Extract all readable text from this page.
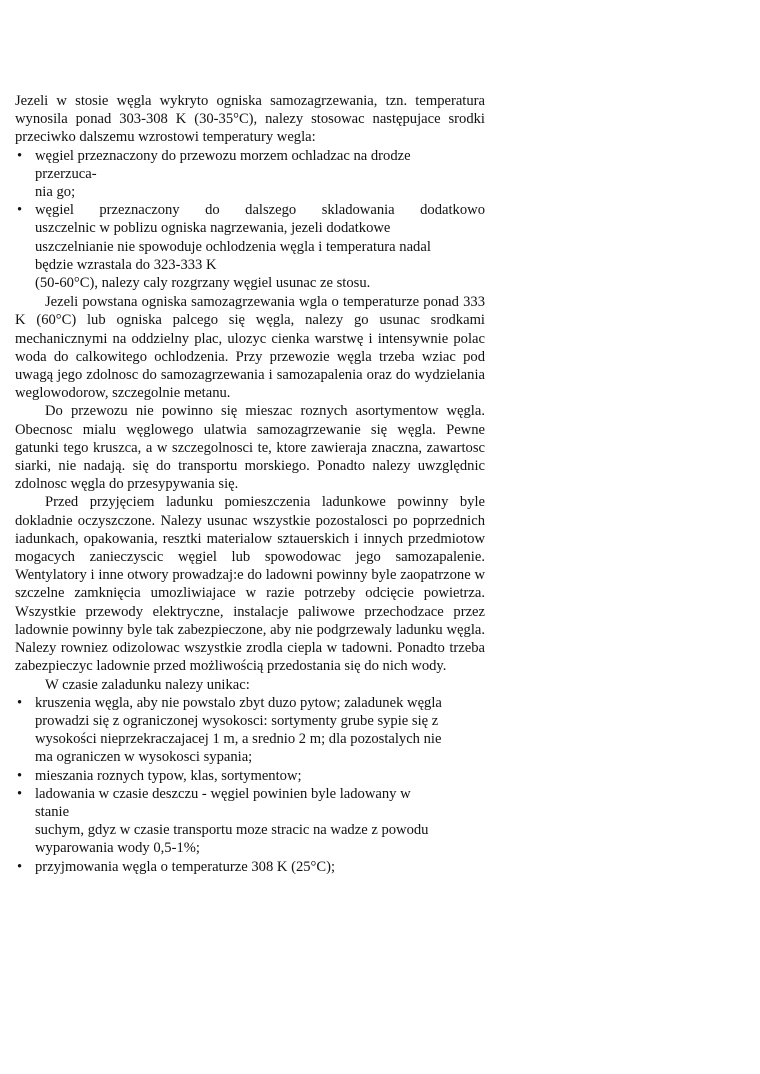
Jezeli w stosie węgla wykryto ogniska samozagrzewania, tzn. temperatura wynosila ponad 303-308 K (30-35°C), nalezy stosowac następujace srodki przeciwko dalszemu wzrostowi temperatury wegla:

• węgiel przeznaczony do przewozu morzem ochladzac na drodze
przerzuca-
nia go;
• węgiel przeznaczony do dalszego skladowania dodatkowo
uszczelnic w poblizu ogniska nagrzewania, jezeli dodatkowe
uszczelnianie nie spowoduje ochlodzenia węgla i temperatura nadal
będzie wzrastala do 323-333 K
(50-60°C), nalezy caly rozgrzany węgiel usunac ze stosu.

Jezeli powstana ogniska samozagrzewania wgla o temperaturze ponad 333 K (60°C) lub ogniska palcego się węgla, nalezy go usunac srodkami mechanicznymi na oddzielny plac, ulozyc cienka warstwę i intensywnie polac woda do calkowitego ochlodzenia. Przy przewozie węgla trzeba wziac pod uwagą jego zdolnosc do samozagrzewania i samozapalenia oraz do wydzielania weglowodorow, szczegolnie metanu.

Do przewozu nie powinno się mieszac roznych asortymentow węgla. Obecnosc mialu węglowego ulatwia samozagrzewanie się węgla. Pewne gatunki tego kruszca, a w szczegolnosci te, ktore zawieraja znaczna, zawartosc siarki, nie nadają. się do transportu morskiego. Ponadto nalezy uwzględnic zdolnosc węgla do przesypywania się.

Przed przyjęciem ladunku pomieszczenia ladunkowe powinny byle dokladnie oczyszczone. Nalezy usunac wszystkie pozostalosci po poprzednich iadunkach, opakowania, resztki materialow sztauerskich i innych przedmiotow mogacych zanieczyscic węgiel lub spowodowac jego samozapalenie. Wentylatory i inne otwory prowadzaj:e do ladowni powinny byle zaopatrzone w szczelne zamknięcia umozliwiajace w razie potrzeby odcięcie powietrza. Wszystkie przewody elektryczne, instalacje paliwowe przechodzace przez ladownie powinny byle tak zabezpieczone, aby nie podgrzewaly ladunku węgla. Nalezy rowniez odizolowac wszystkie zrodla ciepla w tadowni. Ponadto trzeba zabezpieczyc ladownie przed możliwością przedostania się do nich wody.

W czasie zaladunku nalezy unikac:

• kruszenia węgla, aby nie powstalo zbyt duzo pytow; zaladunek węgla
prowadzi się z ograniczonej wysokosci: sortymenty grube sypie się z
wysokości nieprzekraczajacej 1 m, a srednio 2 m; dla pozostalych nie
ma ograniczen w wysokosci sypania;
• mieszania roznych typow, klas, sortymentow;
• ladowania w czasie deszczu - węgiel powinien byle ladowany w
stanie
suchym, gdyz w czasie transportu moze stracic na wadze z powodu
wyparowania wody 0,5-1%;
• przyjmowania węgla o temperaturze 308 K (25°C);
